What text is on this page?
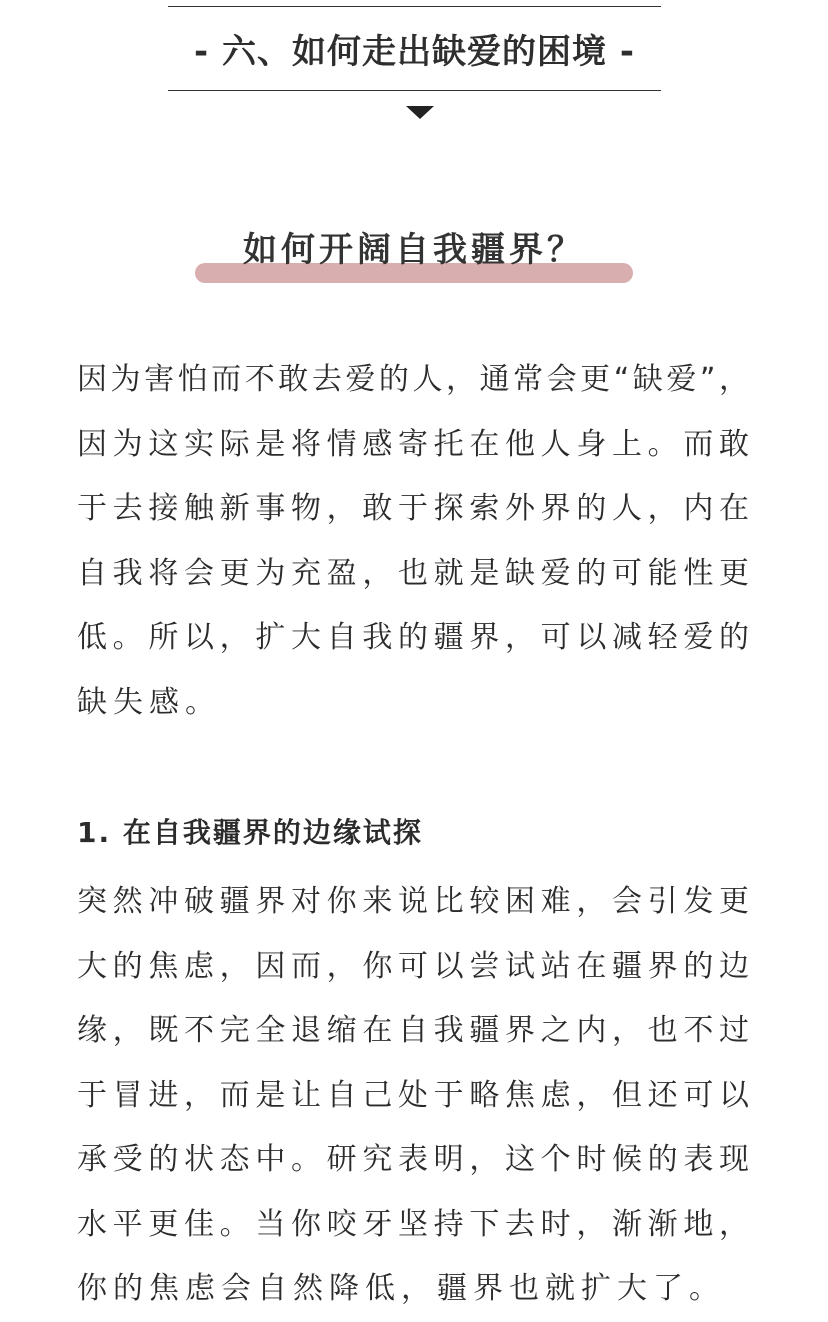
- 六、如何走出缺爱的困境 -
如何开阔自我疆界？
因为害怕而不敢去爱的人，通常会更“缺爱”，
因为这实际是将情感寄托在他人身上。而敢
于去接触新事物，敢于探索外界的人，内在
自我将会更为充盈，也就是缺爱的可能性更
低。所以，扩大自我的疆界，可以减轻爱的
缺失感。
1. 在自我疆界的边缘试探
突然冲破疆界对你来说比较困难，会引发更
大的焦虑，因而，你可以尝试站在疆界的边
缘，既不完全退缩在自我疆界之内，也不过
于冒进，而是让自己处于略焦虑，但还可以
承受的状态中。研究表明，这个时候的表现
水平更佳。当你咬牙坚持下去时，渐渐地，
你的焦虑会自然降低，疆界也就扩大了。
